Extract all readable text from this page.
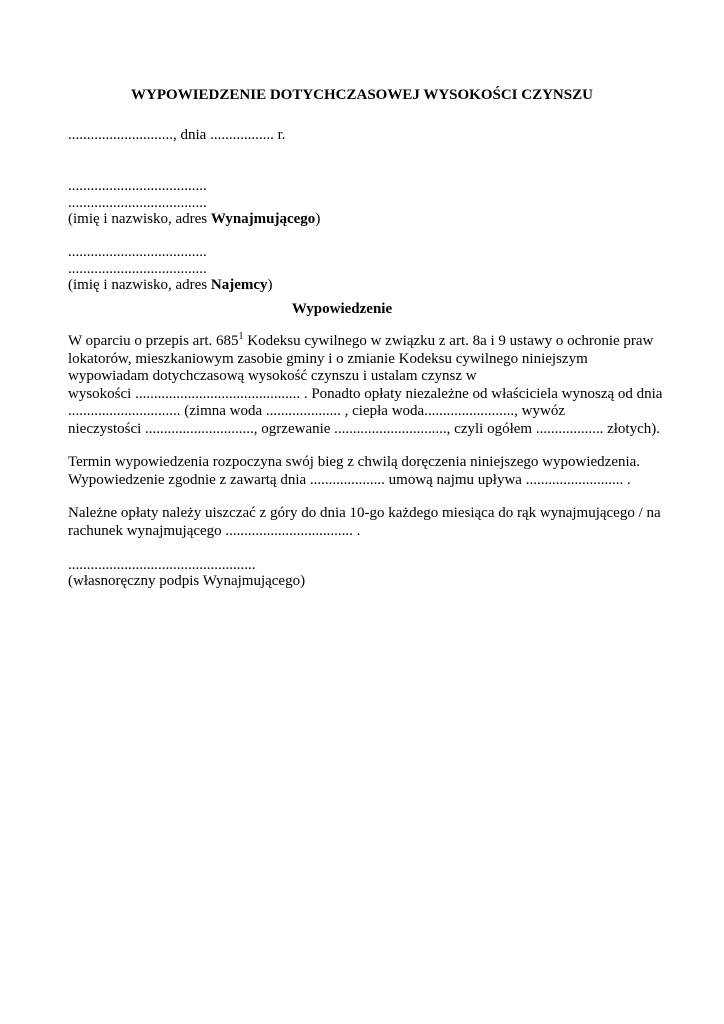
WYPOWIEDZENIE DOTYCHCZASOWEJ WYSOKOŚCI CZYNSZU
............................, dnia ................. r.
.....................................
.....................................
(imię i nazwisko, adres Wynajmującego)
.....................................
.....................................
(imię i nazwisko, adres Najemcy)
Wypowiedzenie
W oparciu o przepis art. $685^1$ Kodeksu cywilnego w związku z art. 8a i 9 ustawy o ochronie praw
lokatorów, mieszkaniowym zasobie gminy i o zmianie Kodeksu cywilnego niniejszym
wypowiadam dotychczasową wysokość czynszu i ustalam czynsz w
wysokości ............................................ . Ponadto opłaty niezależne od właściciela wynoszą od dnia
.............................. (zimna woda .................... , ciepła woda........................, wywóz
nieczystości ............................., ogrzewanie .............................., czyli ogółem .................. złotych).
Termin wypowiedzenia rozpoczyna swój bieg z chwilą doręczenia niniejszego wypowiedzenia.
Wypowiedzenie zgodnie z zawartą dnia .................... umową najmu upływa .......................... .
Należne opłaty należy uiszczać z góry do dnia 10-go każdego miesiąca do rąk wynajmującego / na
rachunek wynajmującego .................................. .
..................................................
(własnoręczny podpis Wynajmującego)
